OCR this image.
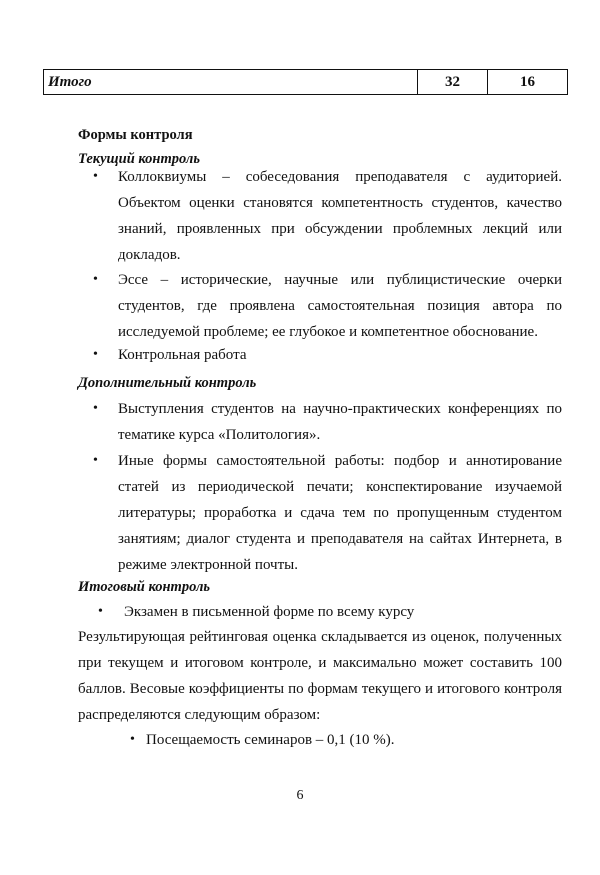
Итого	32	16
Формы контроля
Текущий контроль
• Коллоквиумы – собеседования преподавателя с аудиторией.
Объектом оценки становятся компетентность студентов, качество
знаний, проявленных при обсуждении проблемных лекций или
докладов.
• Эссе – исторические, научные или публицистические очерки
студентов, где проявлена самостоятельная позиция автора по
исследуемой проблеме; ее глубокое и компетентное обоснование.
• Контрольная работа
Дополнительный контроль
• Выступления студентов на научно-практических конференциях по
тематике курса «Политология».
• Иные формы самостоятельной работы: подбор и аннотирование
статей из периодической печати; конспектирование изучаемой
литературы; проработка и сдача тем по пропущенным студентом
занятиям; диалог студента и преподавателя на сайтах Интернета, в
режиме электронной почты.
Итоговый контроль
• Экзамен в письменной форме по всему курсу
Результирующая рейтинговая оценка складывается из оценок, полученных
при текущем и итоговом контроле, и максимально может составить 100
баллов. Весовые коэффициенты по формам текущего и итогового контроля
распределяются следующим образом:
• Посещаемость семинаров – 0,1 (10 %).
6
